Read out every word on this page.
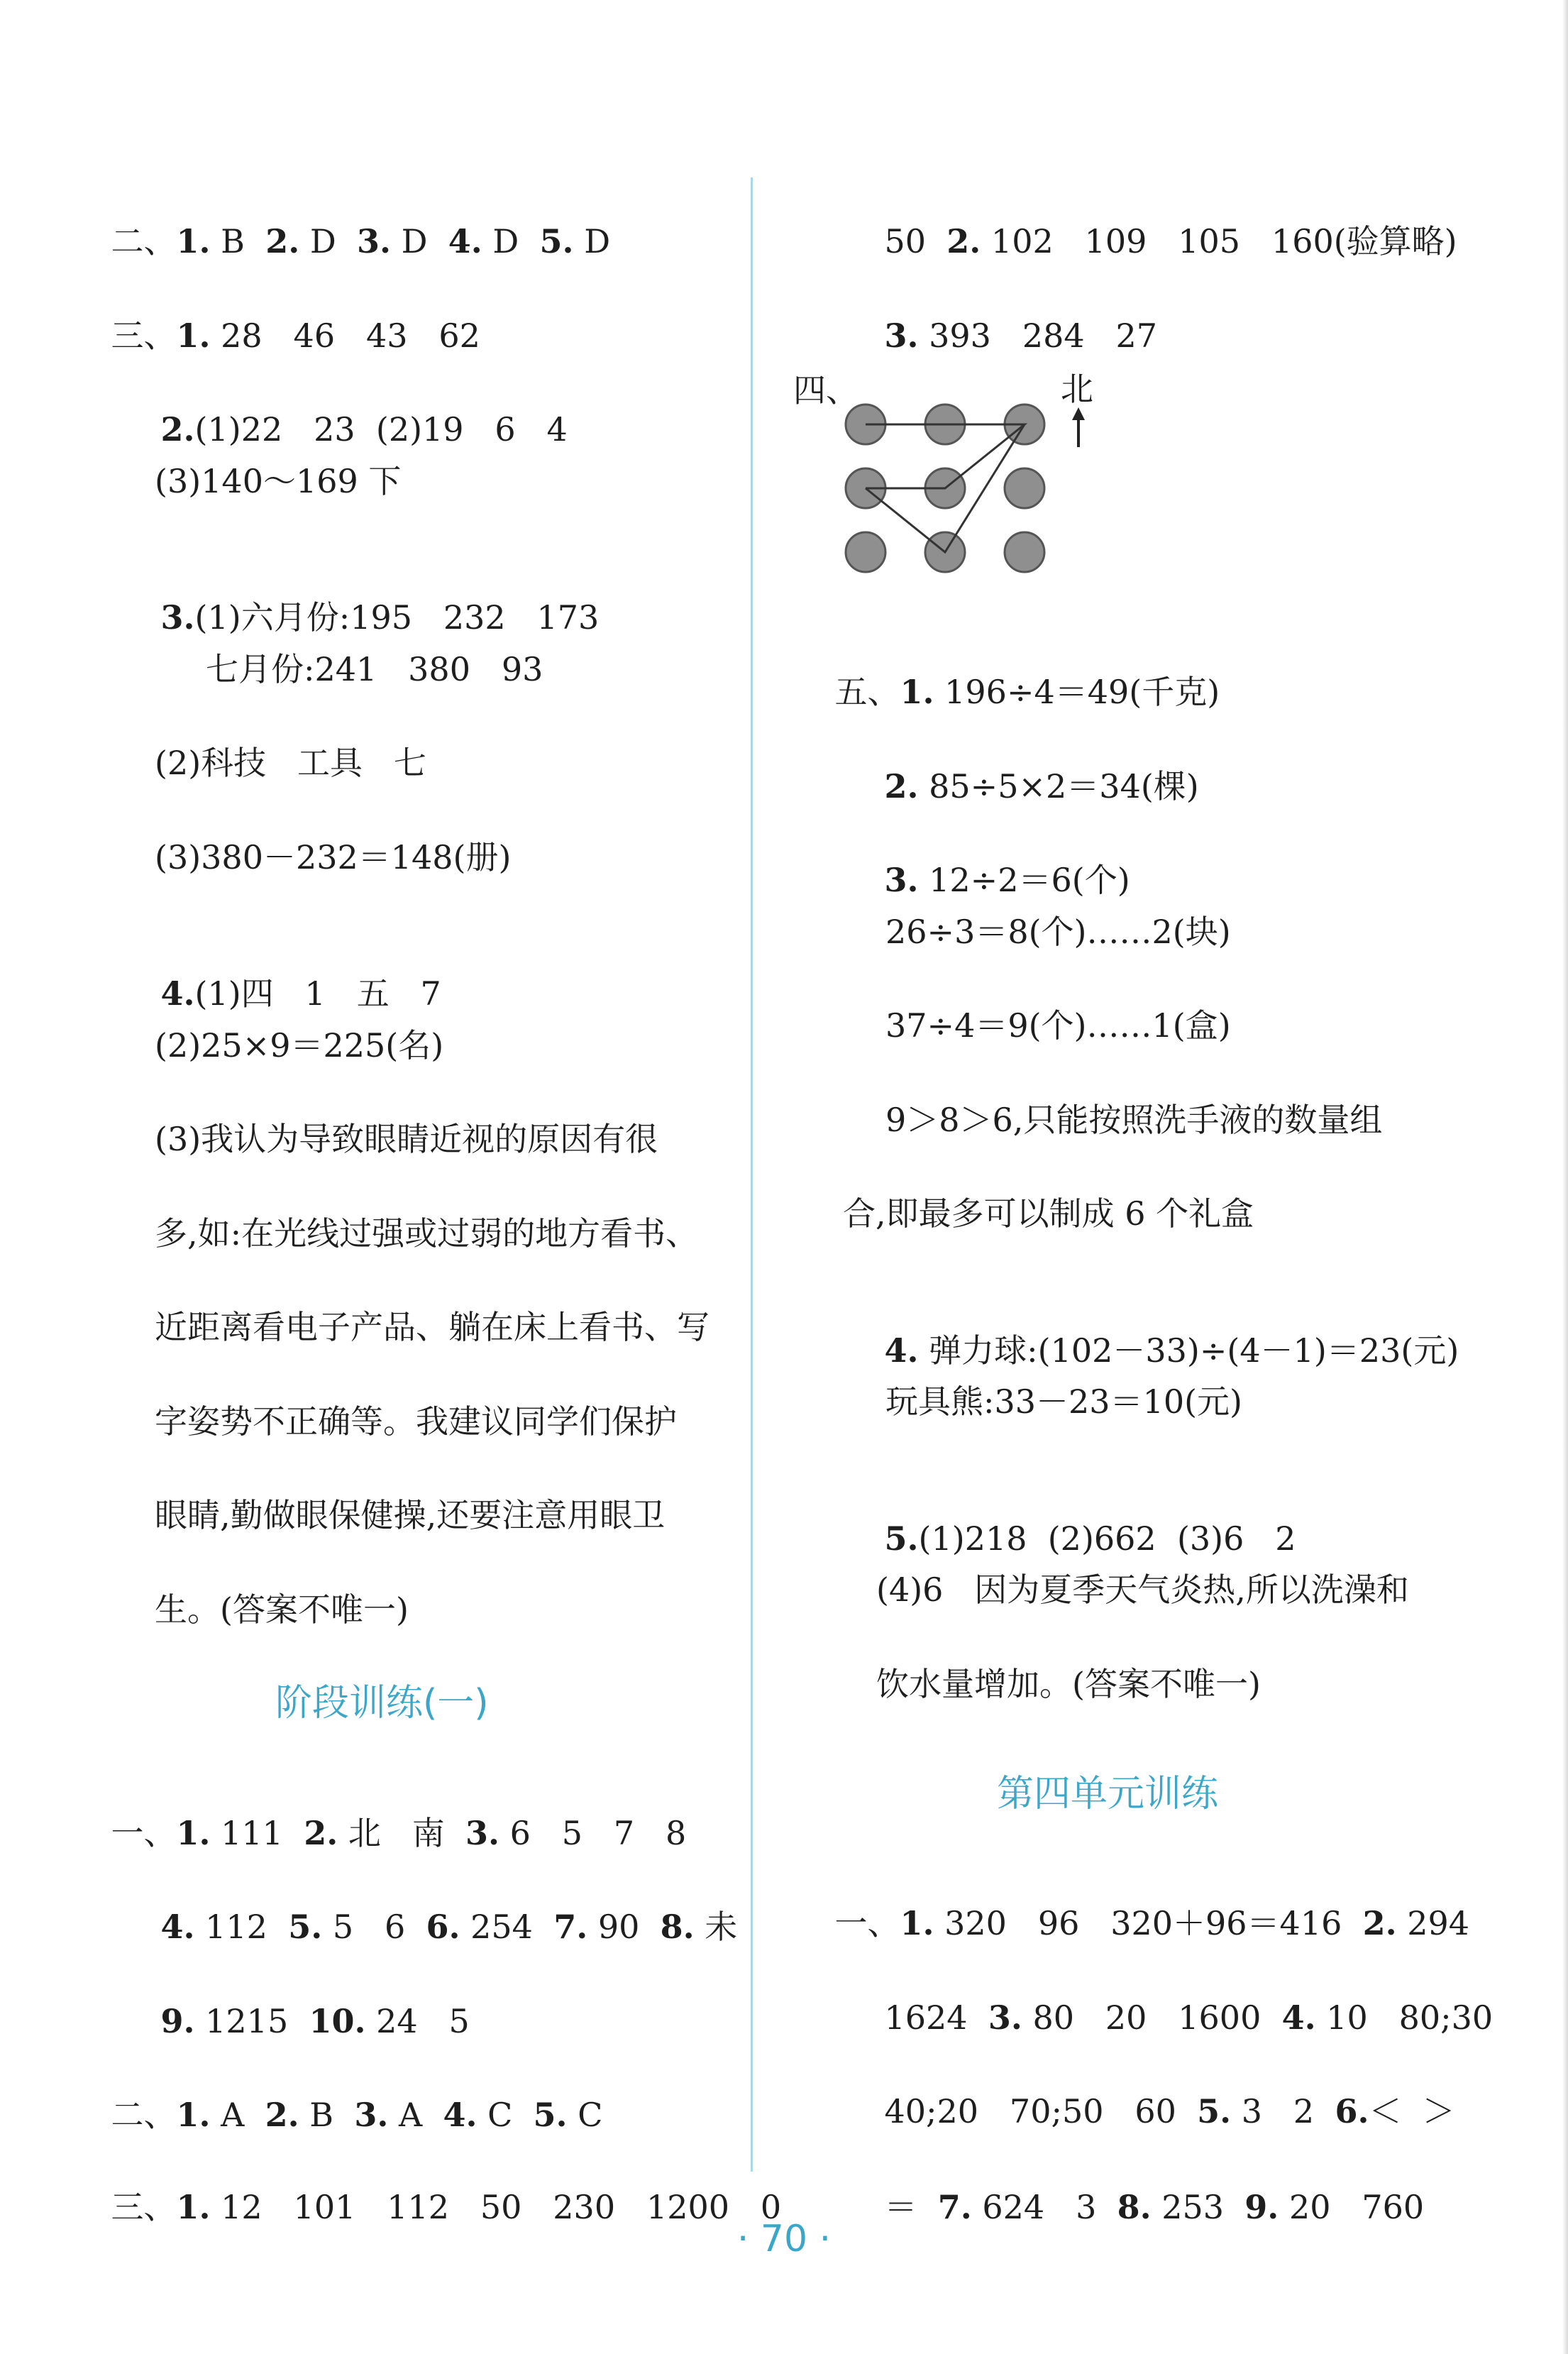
二、1. B  2. D  3. D  4. D  5. D

三、1. 28   46   43   62

2.(1)22   23  (2)19   6   4

(3)140～169 下

3.(1)六月份:195   232   173

七月份:241   380   93
(2)科技   工具   七
(3)380－232＝148(册)

4.(1)四   1   五   7

(2)25×9＝225(名)
(3)我认为导致眼睛近视的原因有很
多,如:在光线过强或过弱的地方看书、
近距离看电子产品、躺在床上看书、写
字姿势不正确等。我建议同学们保护
眼睛,勤做眼保健操,还要注意用眼卫
生。(答案不唯一)
阶段训练(一)

一、1. 111  2. 北   南  3. 6   5   7   8

4. 112  5. 5   6  6. 254  7. 90  8. 未

9. 1215  10. 24   5

二、1. A  2. B  3. A  4. C  5. C

三、1. 12   101   112   50   230   1200   0

50  2. 102   109   105   160(验算略)

3. 393   284   27

四、	北

五、1. 196÷4＝49(千克)

2. 85÷5×2＝34(棵)

3. 12÷2＝6(个)

26÷3＝8(个)……2(块)
37÷4＝9(个)……1(盒)
9＞8＞6,只能按照洗手液的数量组
合,即最多可以制成 6 个礼盒

4. 弹力球:(102－33)÷(4－1)＝23(元)

玩具熊:33－23＝10(元)

5.(1)218  (2)662  (3)6   2

(4)6   因为夏季天气炎热,所以洗澡和
饮水量增加。(答案不唯一)
第四单元训练

一、1. 320   96   320＋96＝416  2. 294

1624  3. 80   20   1600  4. 10   80;30

40;20   70;50   60  5. 3   2  6.＜  ＞

＝  7. 624   3  8. 253  9. 20   760

· 70 ·
